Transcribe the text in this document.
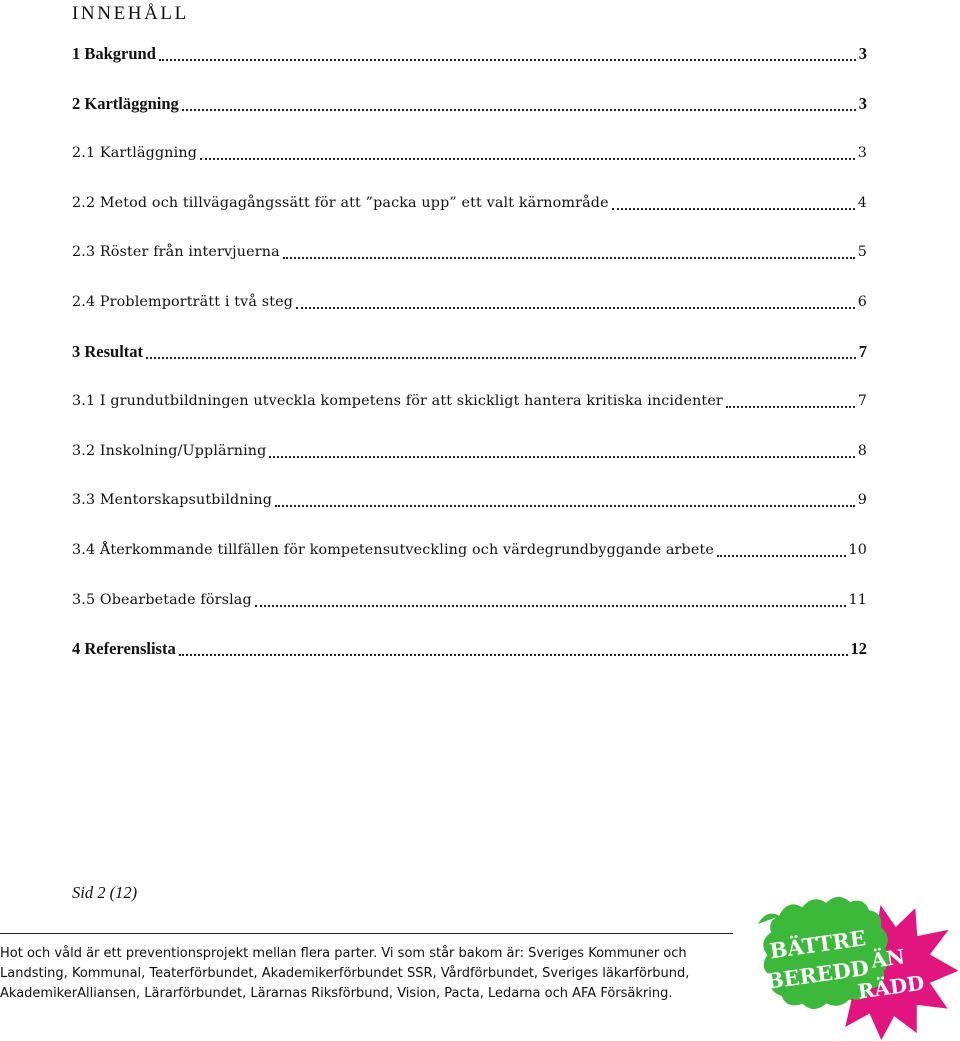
INNEHÅLL
1 Bakgrund	3
2 Kartläggning	3
2.1 Kartläggning	3
2.2 Metod och tillvägagångssätt för att ”packa upp” ett valt kärnområde	4
2.3 Röster från intervjuerna	5
2.4 Problemporträtt i två steg	6
3 Resultat	7
3.1 I grundutbildningen utveckla kompetens för att skickligt hantera kritiska incidenter	7
3.2 Inskolning/Upplärning	8
3.3 Mentorskapsutbildning	9
3.4 Återkommande tillfällen för kompetensutveckling och värdegrundbyggande arbete	10
3.5 Obearbetade förslag	11
4 Referenslista	12
Sid 2 (12)
Hot och våld är ett preventionsprojekt mellan flera parter. Vi som står bakom är: Sveriges Kommuner och
Landsting, Kommunal, Teaterförbundet, Akademikerförbundet SSR, Vårdförbundet, Sveriges läkarförbund,
AkademikerAlliansen, Lärarförbundet, Lärarnas Riksförbund, Vision, Pacta, Ledarna och AFA Försäkring.
BÄTTRE
BEREDD ÄN
RÄDD
